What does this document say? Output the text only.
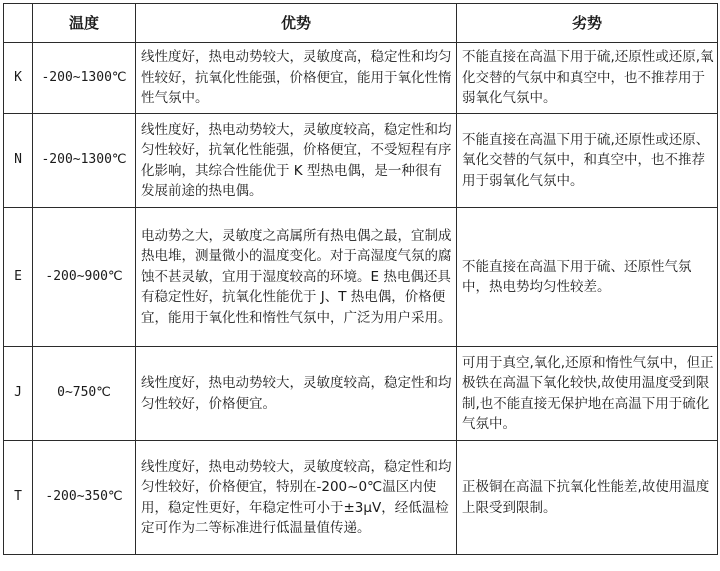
	温度	优势	劣势
K	-200~1300℃	线性度好，热电动势较大，灵敏度高，稳定性和均匀性较好，抗氧化性能强，价格便宜，能用于氧化性惰性气氛中。	不能直接在高温下用于硫,还原性或还原,氧化交替的气氛中和真空中，也不推荐用于弱氧化气氛中。
N	-200~1300℃	线性度好，热电动势较大，灵敏度较高，稳定性和均匀性较好，抗氧化性能强，价格便宜，不受短程有序化影响，其综合性能优于 K 型热电偶，是一种很有发展前途的热电偶。	不能直接在高温下用于硫,还原性或还原、氧化交替的气氛中，和真空中，也不推荐用于弱氧化气氛中。
E	-200~900℃	电动势之大，灵敏度之高属所有热电偶之最，宜制成热电堆，测量微小的温度变化。对于高湿度气氛的腐蚀不甚灵敏，宜用于湿度较高的环境。E 热电偶还具有稳定性好，抗氧化性能优于 J、T 热电偶，价格便宜，能用于氧化性和惰性气氛中，广泛为用户采用。	不能直接在高温下用于硫、还原性气氛中，热电势均匀性较差。
J	0~750℃	线性度好，热电动势较大，灵敏度较高，稳定性和均匀性较好，价格便宜。	可用于真空,氧化,还原和惰性气氛中，但正极铁在高温下氧化较快,故使用温度受到限制,也不能直接无保护地在高温下用于硫化气氛中。
T	-200~350℃	线性度好，热电动势较大，灵敏度较高，稳定性和均匀性较好，价格便宜，特别在-200~0℃温区内使用，稳定性更好，年稳定性可小于±3μV，经低温检定可作为二等标准进行低温量值传递。	正极铜在高温下抗氧化性能差,故使用温度上限受到限制。
